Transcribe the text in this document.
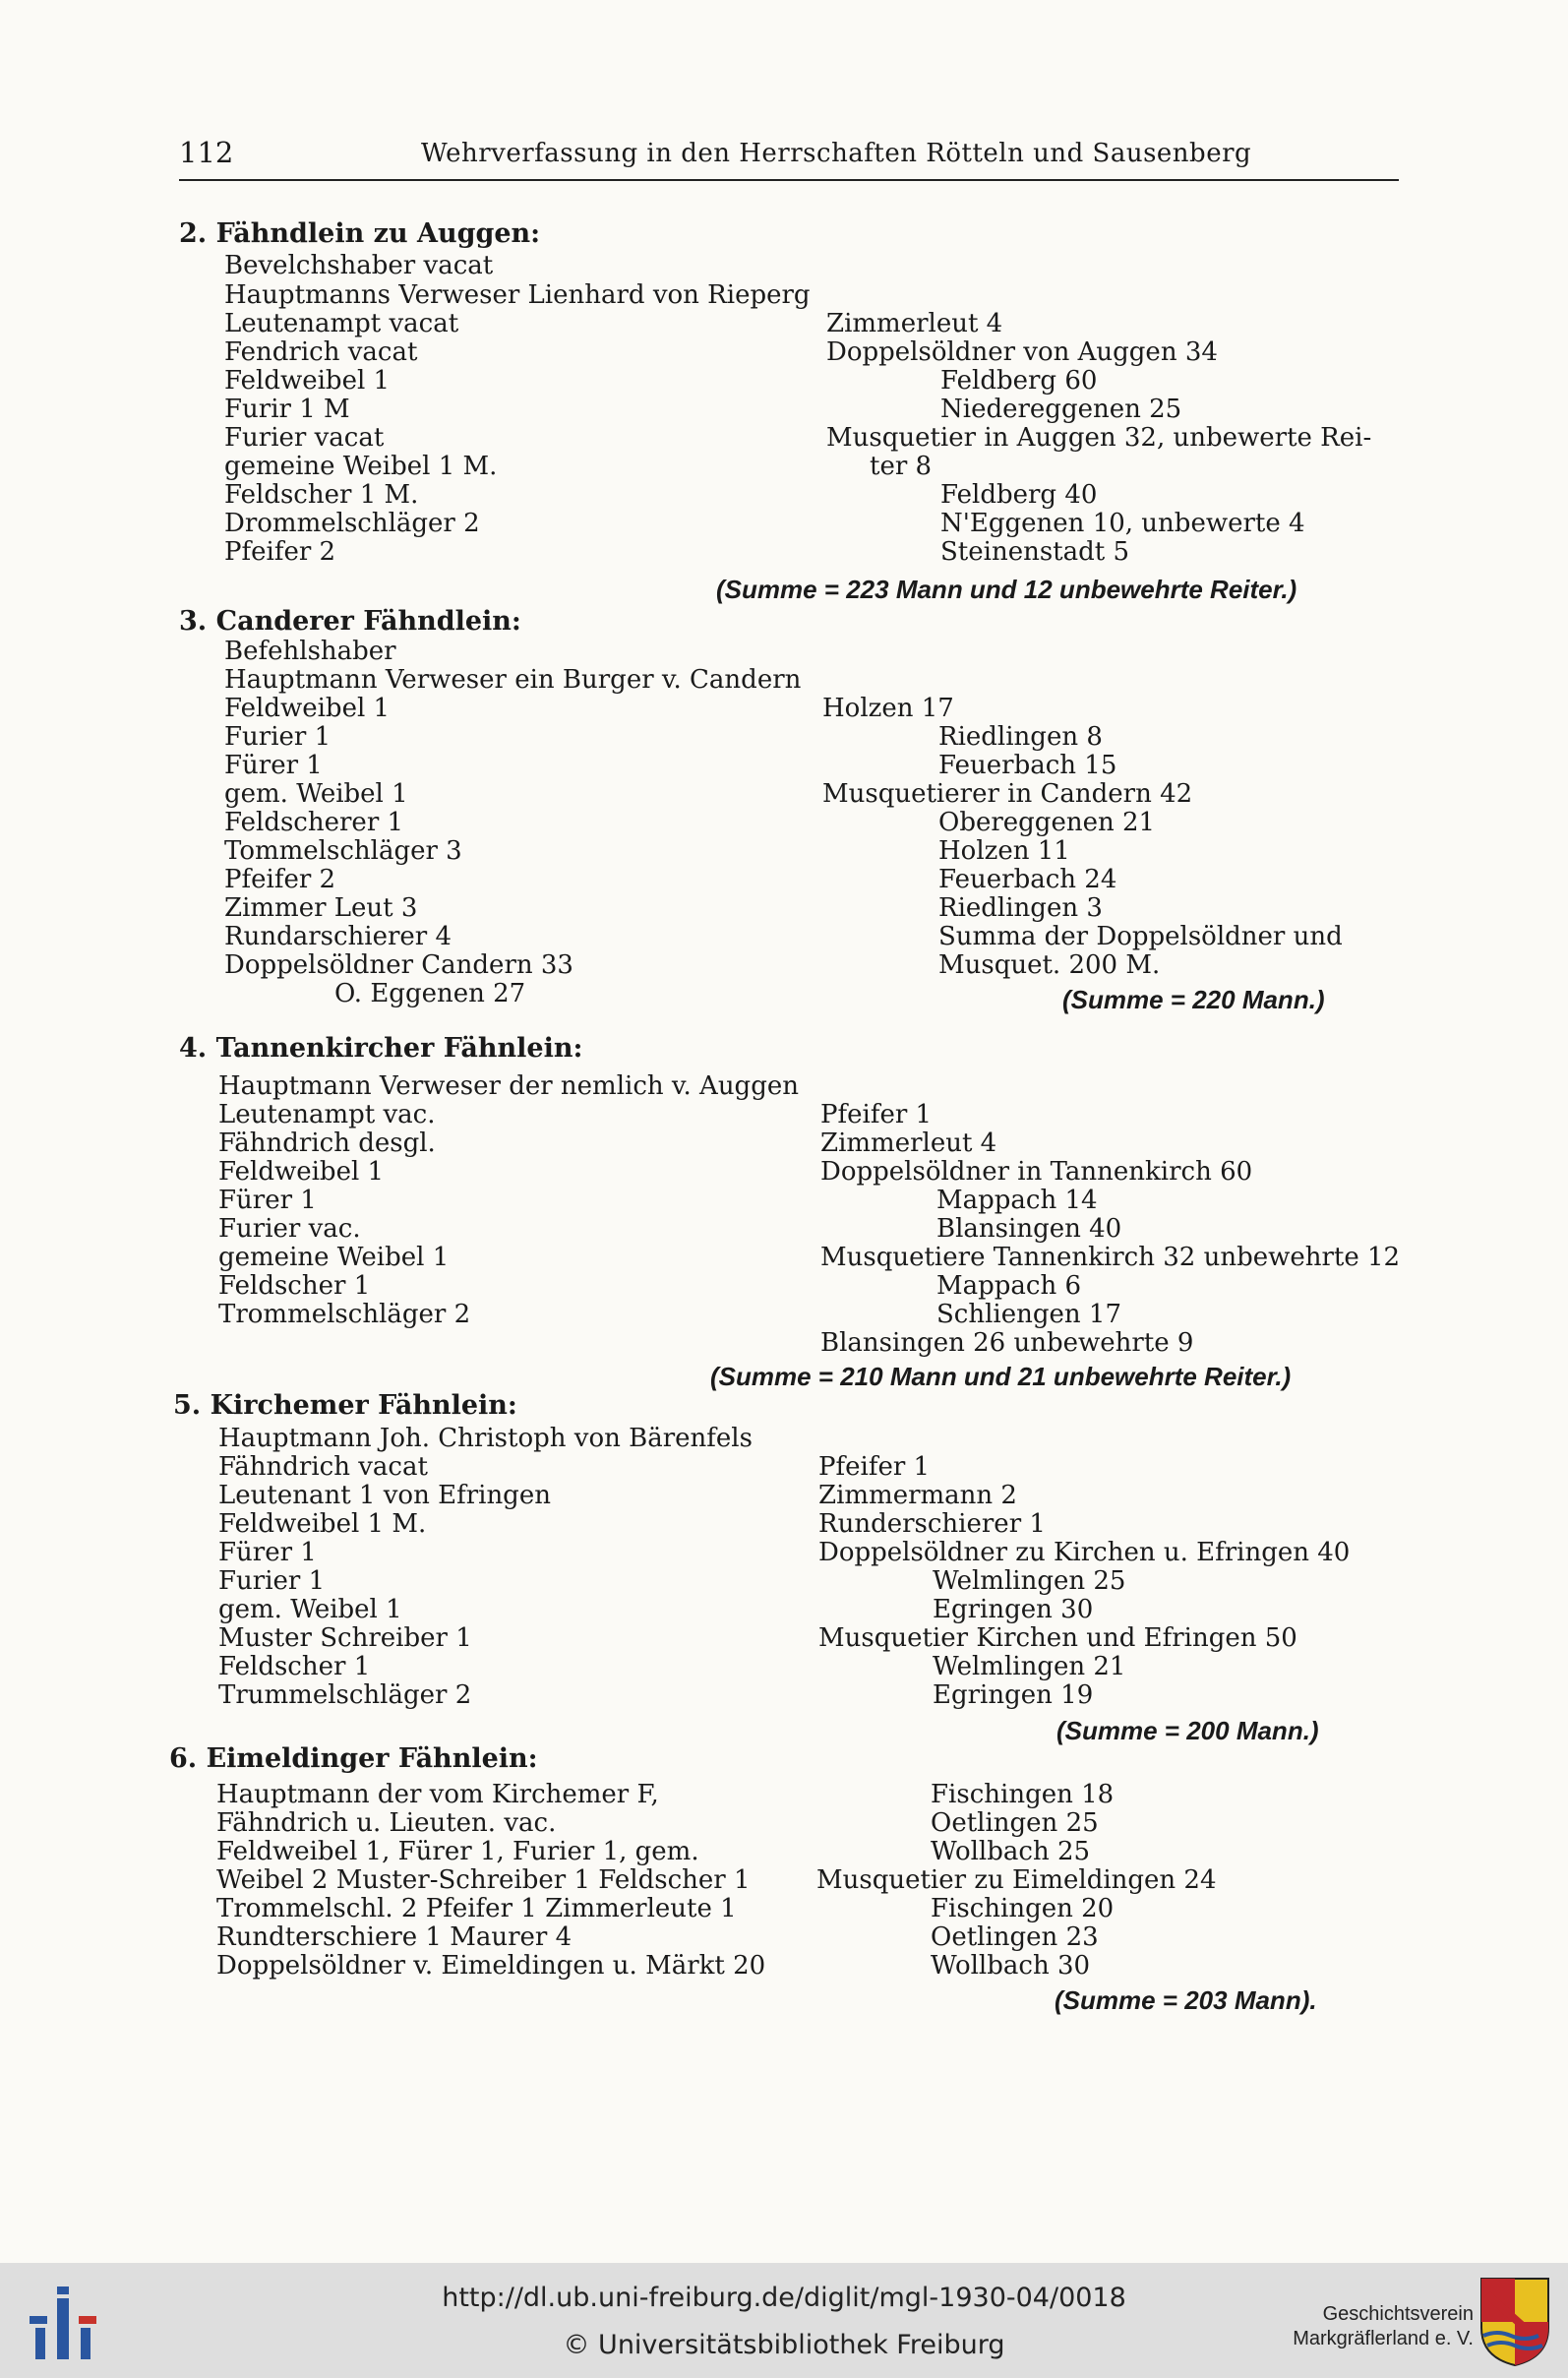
112	Wehrverfassung in den Herrschaften Rötteln und Sausenberg
2. Fähndlein zu Auggen:
Bevelchshaber vacat
Hauptmanns Verweser Lienhard von Rieperg
Leutenampt vacat
Fendrich vacat
Feldweibel 1
Furir 1 M
Furier vacat
gemeine Weibel 1 M.
Feldscher 1 M.
Drommelschläger 2
Pfeifer 2
Zimmerleut 4
Doppelsöldner von Auggen 34
Feldberg 60
Niedereggenen 25
Musquetier in Auggen 32, unbewerte Rei-
ter 8
Feldberg 40
N'Eggenen 10, unbewerte 4
Steinenstadt 5
(Summe = 223 Mann und 12 unbewehrte Reiter.)
3. Canderer Fähndlein:
Befehlshaber
Hauptmann Verweser ein Burger v. Candern
Feldweibel 1
Furier 1
Fürer 1
gem. Weibel 1
Feldscherer 1
Tommelschläger 3
Pfeifer 2
Zimmer Leut 3
Rundarschierer 4
Doppelsöldner Candern 33
O. Eggenen 27
Holzen 17
Riedlingen 8
Feuerbach 15
Musquetierer in Candern 42
Obereggenen 21
Holzen 11
Feuerbach 24
Riedlingen 3
Summa der Doppelsöldner und
Musquet. 200 M.
(Summe = 220 Mann.)
4. Tannenkircher Fähnlein:
Hauptmann Verweser der nemlich v. Auggen
Leutenampt vac.
Fähndrich desgl.
Feldweibel 1
Fürer 1
Furier vac.
gemeine Weibel 1
Feldscher 1
Trommelschläger 2
Pfeifer 1
Zimmerleut 4
Doppelsöldner in Tannenkirch 60
Mappach 14
Blansingen 40
Musquetiere Tannenkirch 32 unbewehrte 12
Mappach 6
Schliengen 17
Blansingen 26 unbewehrte 9
(Summe = 210 Mann und 21 unbewehrte Reiter.)
5. Kirchemer Fähnlein:
Hauptmann Joh. Christoph von Bärenfels
Fähndrich vacat
Leutenant 1 von Efringen
Feldweibel 1 M.
Fürer 1
Furier 1
gem. Weibel 1
Muster Schreiber 1
Feldscher 1
Trummelschläger 2
Pfeifer 1
Zimmermann 2
Runderschierer 1
Doppelsöldner zu Kirchen u. Efringen 40
Welmlingen 25
Egringen 30
Musquetier Kirchen und Efringen 50
Welmlingen 21
Egringen 19
(Summe = 200 Mann.)
6. Eimeldinger Fähnlein:
Hauptmann der vom Kirchemer F,
Fähndrich u. Lieuten. vac.
Feldweibel 1, Fürer 1, Furier 1, gem.
Weibel 2 Muster-Schreiber 1 Feldscher 1
Trommelschl. 2 Pfeifer 1 Zimmerleute 1
Rundterschiere 1 Maurer 4
Doppelsöldner v. Eimeldingen u. Märkt 20
Fischingen 18
Oetlingen 25
Wollbach 25
Musquetier zu Eimeldingen 24
Fischingen 20
Oetlingen 23
Wollbach 30
(Summe = 203 Mann).
http://dl.ub.uni-freiburg.de/diglit/mgl-1930-04/0018
© Universitätsbibliothek Freiburg
Geschichtsverein
Markgräflerland e. V.
